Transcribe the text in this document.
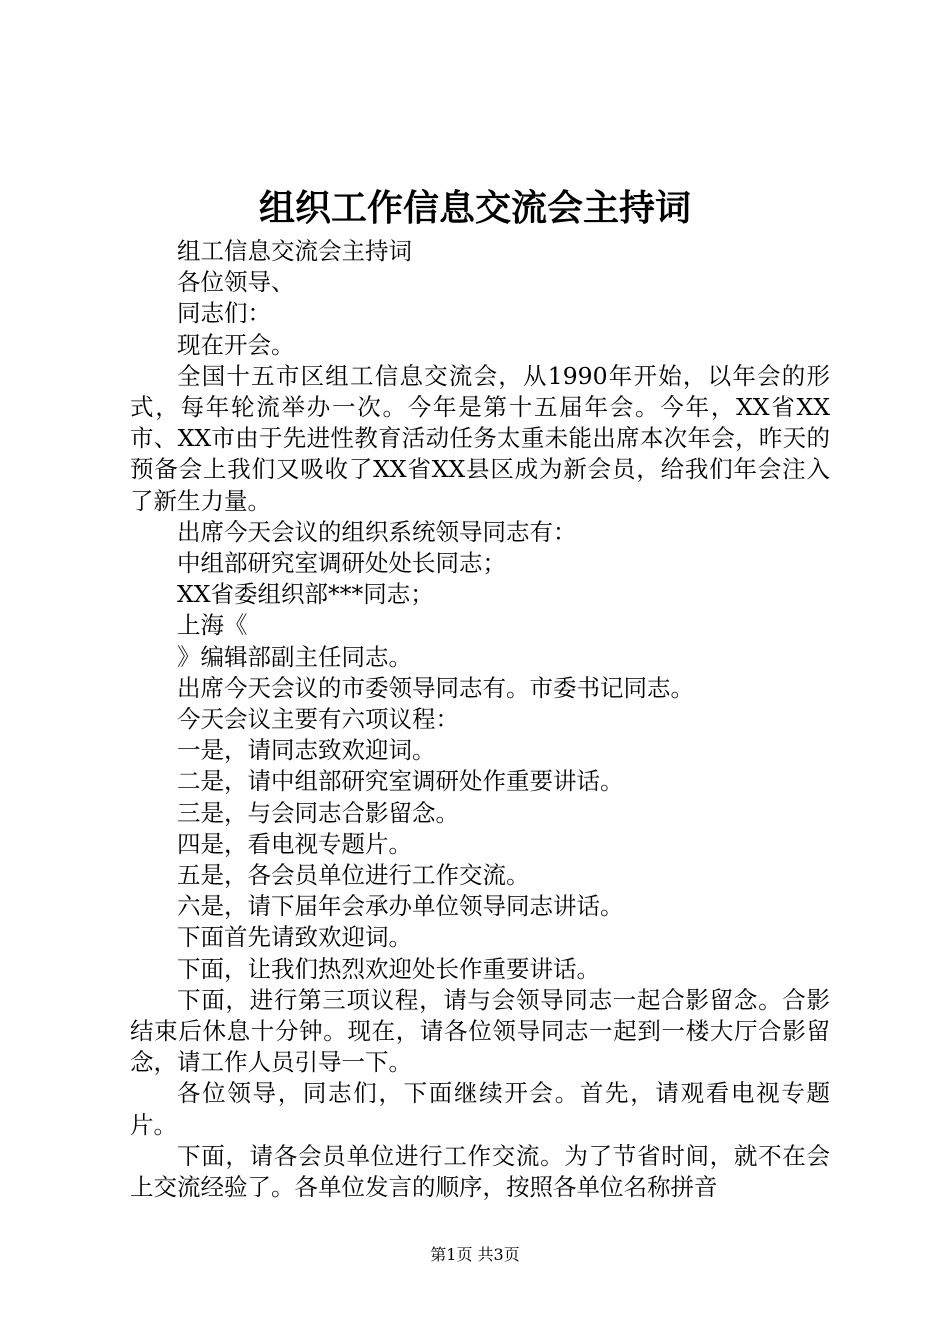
组织工作信息交流会主持词

组工信息交流会主持词

各位领导、

同志们：

现在开会。

全国十五市区组工信息交流会，从1990年开始，以年会的形式，每年轮流举办一次。今年是第十五届年会。今年，XX省XX市、XX市由于先进性教育活动任务太重未能出席本次年会，昨天的预备会上我们又吸收了XX省XX县区成为新会员，给我们年会注入了新生力量。

出席今天会议的组织系统领导同志有：

中组部研究室调研处处长同志；

XX省委组织部***同志；

上海《

》编辑部副主任同志。

出席今天会议的市委领导同志有。市委书记同志。

今天会议主要有六项议程：

一是，请同志致欢迎词。

二是，请中组部研究室调研处作重要讲话。

三是，与会同志合影留念。

四是，看电视专题片。

五是，各会员单位进行工作交流。

六是，请下届年会承办单位领导同志讲话。

下面首先请致欢迎词。

下面，让我们热烈欢迎处长作重要讲话。

下面，进行第三项议程，请与会领导同志一起合影留念。合影结束后休息十分钟。现在，请各位领导同志一起到一楼大厅合影留念，请工作人员引导一下。

各位领导，同志们，下面继续开会。首先，请观看电视专题片。

下面，请各会员单位进行工作交流。为了节省时间，就不在会上交流经验了。各单位发言的顺序，按照各单位名称拼音

第1页 共3页
